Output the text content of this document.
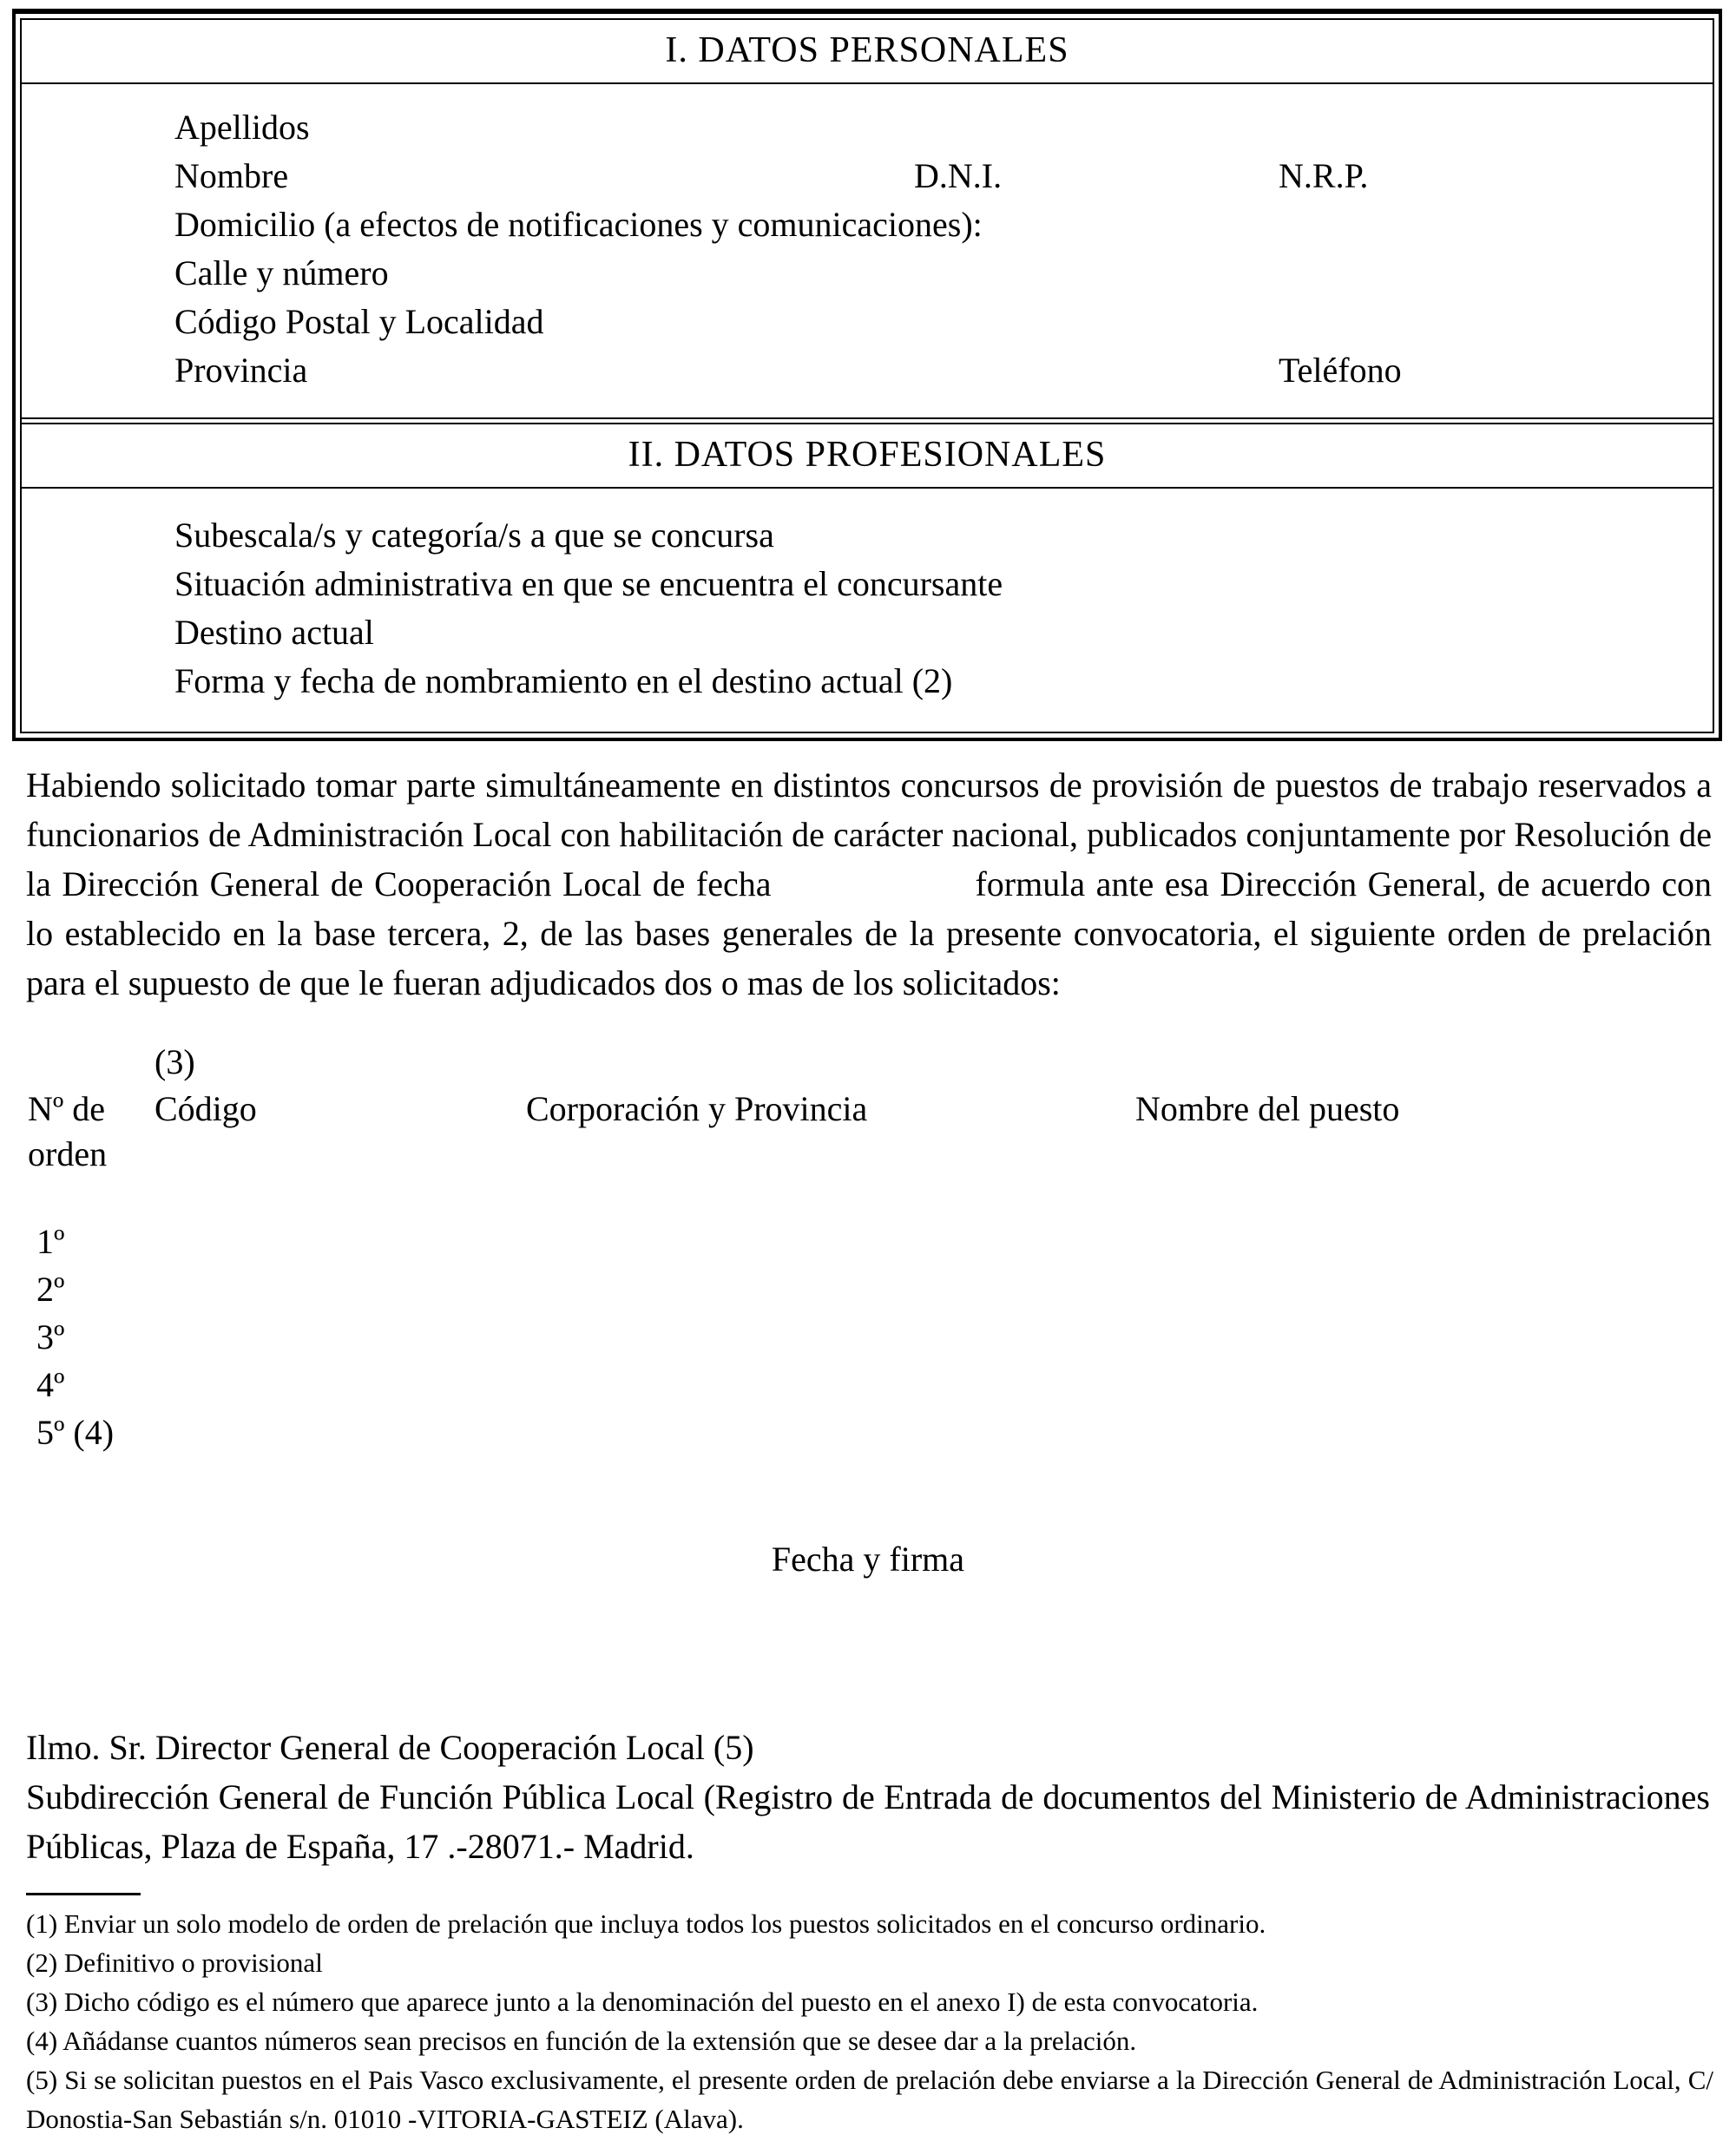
I. DATOS PERSONALES
Apellidos
Nombre	D.N.I.	N.R.P.
Domicilio (a efectos de notificaciones y comunicaciones):
Calle y número
Código Postal y Localidad
Provincia	Teléfono
II. DATOS PROFESIONALES
Subescala/s y categoría/s a que se concursa
Situación administrativa en que se encuentra el concursante
Destino actual
Forma y fecha de nombramiento en el destino actual (2)

Habiendo solicitado tomar parte simultáneamente en distintos concursos de provisión de puestos de trabajo reservados a funcionarios de Administración Local con habilitación de carácter nacional, publicados conjuntamente por Resolución de la Dirección General de Cooperación Local de fecha	formula ante esa Dirección General, de acuerdo con lo establecido en la base tercera, 2, de las bases generales de la presente convocatoria, el siguiente orden de prelación para el supuesto de que le fueran adjudicados dos o mas de los solicitados:

(3)
Nº de	Código	Corporación y Provincia	Nombre del puesto
orden
1º
2º
3º
4º
5º (4)
Fecha y firma
Ilmo. Sr. Director General de Cooperación Local (5)

Subdirección General de Función Pública Local (Registro de Entrada de documentos del Ministerio de Administraciones Públicas, Plaza de España, 17 .-28071.- Madrid.

(1) Enviar un solo modelo de orden de prelación que incluya todos los puestos solicitados en el concurso ordinario.

(2) Definitivo o provisional

(3) Dicho código es el número que aparece junto a la denominación del puesto en el anexo I) de esta convocatoria.

(4) Añádanse cuantos números sean precisos en función de la extensión que se desee dar a la prelación.

(5) Si se solicitan puestos en el Pais Vasco exclusivamente, el presente orden de prelación debe enviarse a la Dirección General de Administración Local, C/ Donostia-San Sebastián s/n. 01010 -VITORIA-GASTEIZ (Alava).
